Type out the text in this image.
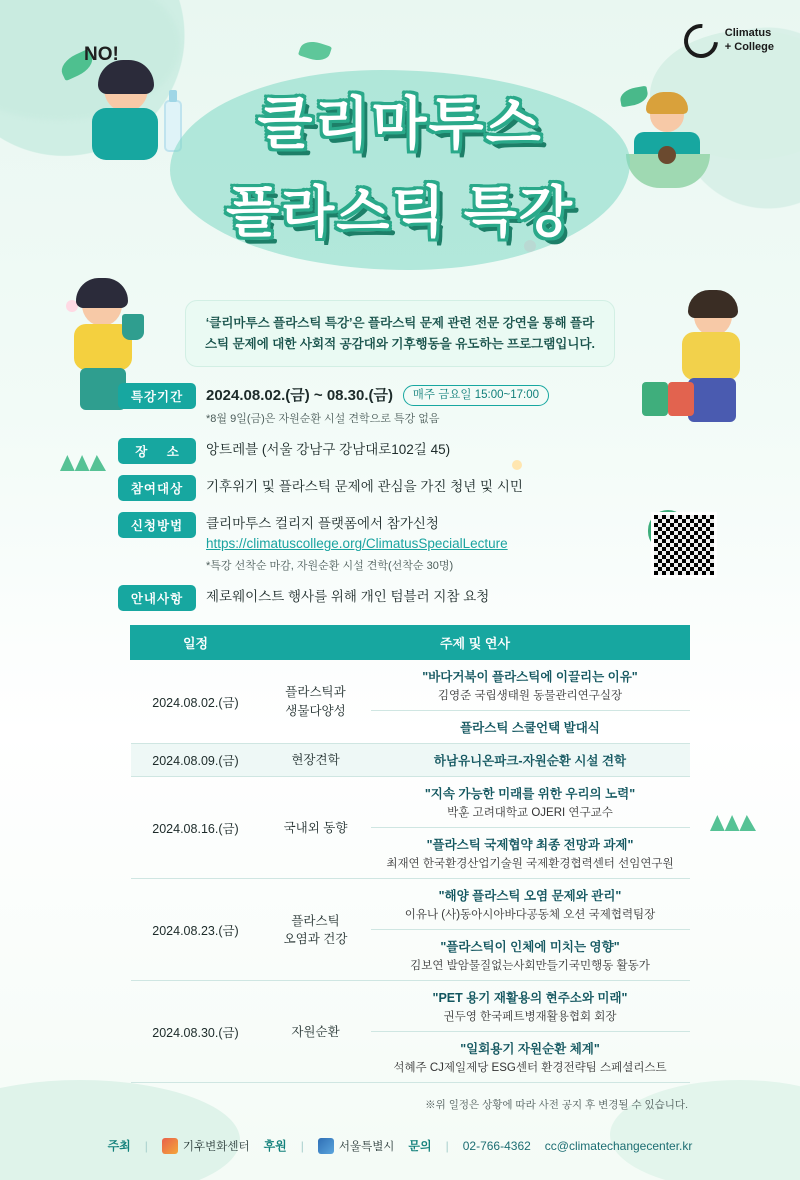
NO!
Climatus
+ College
클리마투스
플라스틱 특강
‘클리마투스 플라스틱 특강’은 플라스틱 문제 관련 전문 강연을 통해 플라스틱 문제에 대한 사회적 공감대와 기후행동을 유도하는 프로그램입니다.
특강기간	2024.08.02.(금) ~ 08.30.(금) 매주 금요일 15:00~17:00
*8월 9일(금)은 자원순환 시설 견학으로 특강 없음
장 소	앙트레블 (서울 강남구 강남대로102길 45)
참여대상	기후위기 및 플라스틱 문제에 관심을 가진 청년 및 시민
신청방법	클리마투스 컬리지 플랫폼에서 참가신청
https://climatuscollege.org/ClimatusSpecialLecture
*특강 선착순 마감, 자원순환 시설 견학(선착순 30명)
안내사항	제로웨이스트 행사를 위해 개인 텀블러 지참 요청
일정	주제 및 연사	
2024.08.02.(금)	플라스틱과
생물다양성	"바다거북이 플라스틱에 이끌리는 이유"
김영준 국립생태원 동물관리연구실장

		플라스틱 스쿨언택 발대식

2024.08.09.(금)	현장견학	하남유니온파크-자원순환 시설 견학

2024.08.16.(금)	국내외 동향	"지속 가능한 미래를 위한 우리의 노력"
박훈 고려대학교 OJERI 연구교수

		"플라스틱 국제협약 최종 전망과 과제"
최재연 한국환경산업기술원 국제환경협력센터 선임연구원

2024.08.23.(금)	플라스틱
오염과 건강	"해양 플라스틱 오염 문제와 관리"
이유나 (사)동아시아바다공동체 오션 국제협력팀장

		"플라스틱이 인체에 미치는 영향"
김보연 발암물질없는사회만들기국민행동 활동가

2024.08.30.(금)	자원순환	"PET 용기 재활용의 현주소와 미래"
권두영 한국페트병재활용협회 회장

		"일회용기 자원순환 체계"
석혜주 CJ제일제당 ESG센터 환경전략팀 스페셜리스트
※위 일정은 상황에 따라 사전 공지 후 변경될 수 있습니다.
주최 |	기후변화센터 후원 |	서울특별시 문의 | 02-766-4362 cc@climatechangecenter.kr
